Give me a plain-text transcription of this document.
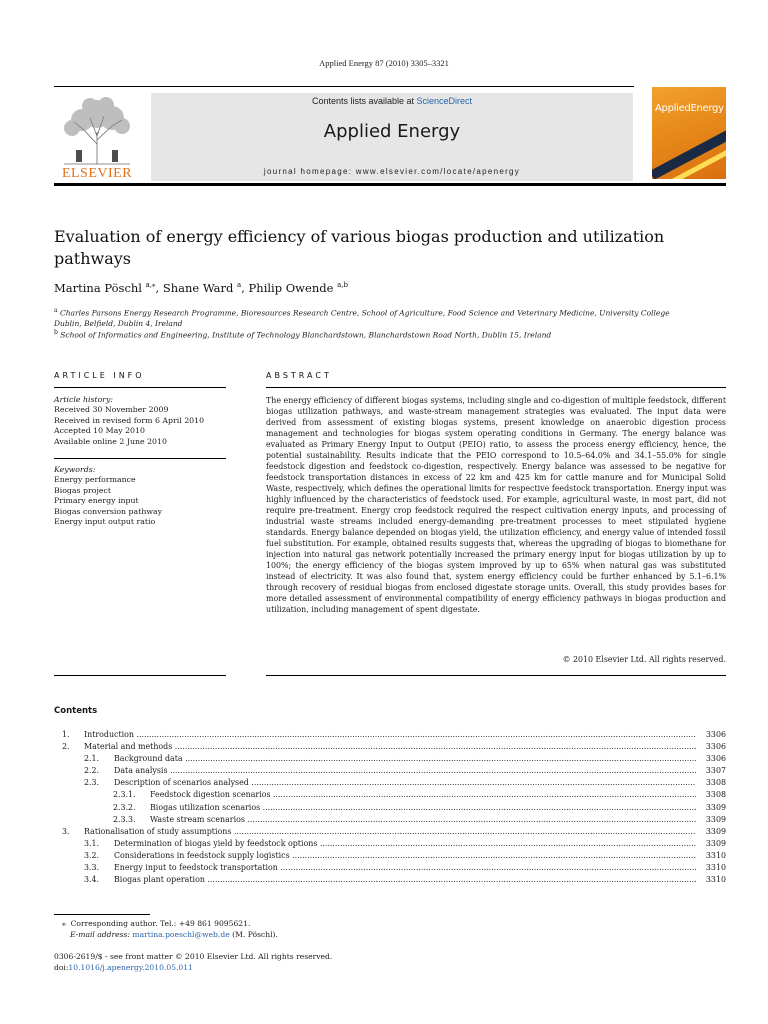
Applied Energy 87 (2010) 3305–3321
ELSEVIER
Contents lists available at ScienceDirect
Applied Energy
journal homepage: www.elsevier.com/locate/apenergy
AppliedEnergy
Evaluation of energy efficiency of various biogas production and utilization pathways
Martina Pöschl $^{a,⁎}$, Shane Ward $^a$, Philip Owende $^{a,b}$
$^a$ Charles Parsons Energy Research Programme, Bioresources Research Centre, School of Agriculture, Food Science and Veterinary Medicine, University College Dublin, Belfield, Dublin 4, Ireland
$^b$ School of Informatics and Engineering, Institute of Technology Blanchardstown, Blanchardstown Road North, Dublin 15, Ireland
ARTICLE INFO
Article history:
Received 30 November 2009
Received in revised form 6 April 2010
Accepted 10 May 2010
Available online 2 June 2010
Keywords:
Energy performance
Biogas project
Primary energy input
Biogas conversion pathway
Energy input output ratio
ABSTRACT
The energy efficiency of different biogas systems, including single and co-digestion of multiple feedstock, different biogas utilization pathways, and waste-stream management strategies was evaluated. The input data were derived from assessment of existing biogas systems, present knowledge on anaerobic digestion process management and technologies for biogas system operating conditions in Germany. The energy balance was evaluated as Primary Energy Input to Output (PEIO) ratio, to assess the process energy efficiency, hence, the potential sustainability. Results indicate that the PEIO correspond to 10.5–64.0% and 34.1–55.0% for single feedstock digestion and feedstock co-digestion, respectively. Energy balance was assessed to be negative for feedstock transportation distances in excess of 22 km and 425 km for cattle manure and for Municipal Solid Waste, respectively, which defines the operational limits for respective feedstock transportation. Energy input was highly influenced by the characteristics of feedstock used. For example, agricultural waste, in most part, did not require pre-treatment. Energy crop feedstock required the respect cultivation energy inputs, and processing of industrial waste streams included energy-demanding pre-treatment processes to meet stipulated hygiene standards. Energy balance depended on biogas yield, the utilization efficiency, and energy value of intended fossil fuel substitution. For example, obtained results suggests that, whereas the upgrading of biogas to biomethane for injection into natural gas network potentially increased the primary energy input for biogas utilization by up to 100%; the energy efficiency of the biogas system improved by up to 65% when natural gas was substituted instead of electricity. It was also found that, system energy efficiency could be further enhanced by 5.1–6.1% through recovery of residual biogas from enclosed digestate storage units. Overall, this study provides bases for more detailed assessment of environmental compatibility of energy efficiency pathways in biogas production and utilization, including management of spent digestate.
© 2010 Elsevier Ltd. All rights reserved.
Contents
1. Introduction .....	3306
2. Material and methods .....	3306
2.1. Background data .....	3306
2.2. Data analysis .....	3307
2.3. Description of scenarios analysed .....	3308
2.3.1. Feedstock digestion scenarios .....	3308
2.3.2. Biogas utilization scenarios .....	3309
2.3.3. Waste stream scenarios .....	3309
3. Rationalisation of study assumptions .....	3309
3.1. Determination of biogas yield by feedstock options .....	3309
3.2. Considerations in feedstock supply logistics .....	3310
3.3. Energy input to feedstock transportation .....	3310
3.4. Biogas plant operation .....	3310
⁎ Corresponding author. Tel.: +49 861 9095621.
E-mail address: martina.poeschl@web.de (M. Pöschl).
0306-2619/$ - see front matter © 2010 Elsevier Ltd. All rights reserved.
doi:10.1016/j.apenergy.2010.05.011
